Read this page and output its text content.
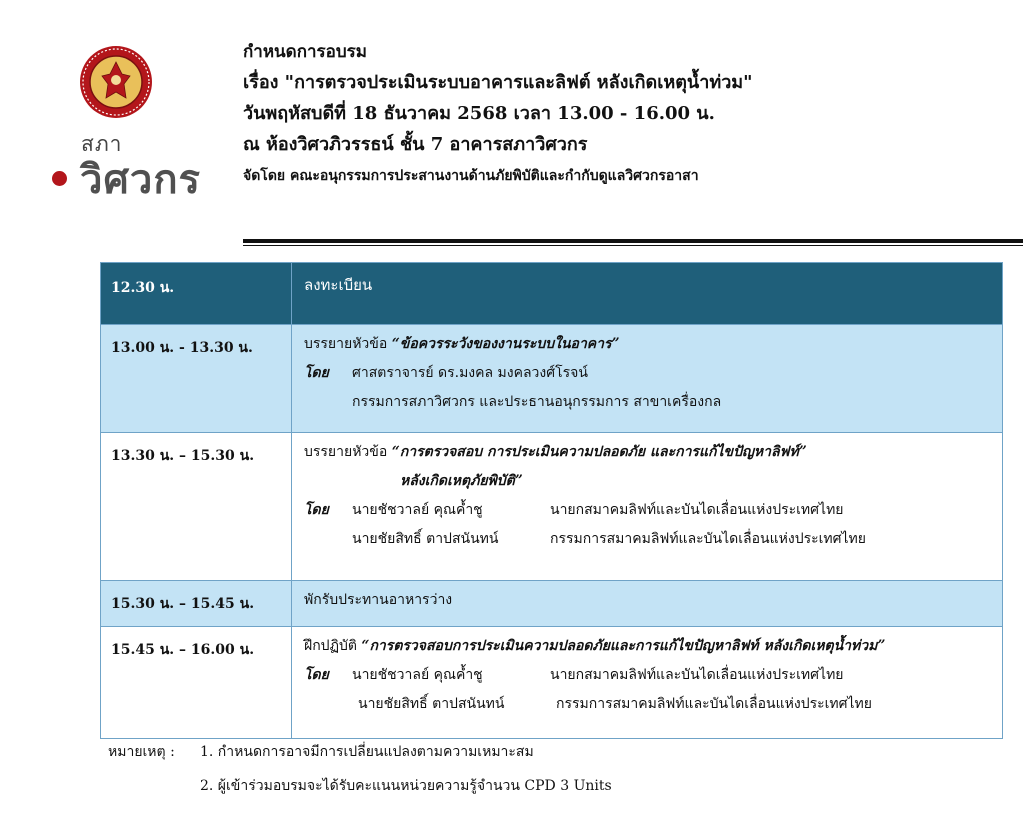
สภา
วิศวกร
กำหนดการอบรม
เรื่อง "การตรวจประเมินระบบอาคารและลิฟต์ หลังเกิดเหตุน้ำท่วม"
วันพฤหัสบดีที่ 18 ธันวาคม 2568 เวลา 13.00 - 16.00 น.
ณ ห้องวิศวภิวรรธน์ ชั้น 7 อาคารสภาวิศวกร
จัดโดย คณะอนุกรรมการประสานงานด้านภัยพิบัติและกำกับดูแลวิศวกรอาสา
12.30 น.	ลงทะเบียน

13.00 น. - 13.30 น.	บรรยายหัวข้อ “ข้อควรระวังของงานระบบในอาคาร”
โดย ศาสตราจารย์ ดร.มงคล มงคลวงศ์โรจน์
กรรมการสภาวิศวกร และประธานอนุกรรมการ สาขาเครื่องกล

13.30 น. – 15.30 น.	บรรยายหัวข้อ “การตรวจสอบ การประเมินความปลอดภัย และการแก้ไขปัญหาลิฟท์”
หลังเกิดเหตุภัยพิบัติ”
โดย นายชัชวาลย์ คุณค้ำชู นายกสมาคมลิฟท์และบันไดเลื่อนแห่งประเทศไทย
นายชัยสิทธิ์ ตาปสนันทน์ กรรมการสมาคมลิฟท์และบันไดเลื่อนแห่งประเทศไทย

15.30 น. – 15.45 น.	พักรับประทานอาหารว่าง

15.45 น. – 16.00 น.	ฝึกปฏิบัติ “การตรวจสอบการประเมินความปลอดภัยและการแก้ไขปัญหาลิฟท์ หลังเกิดเหตุน้ำท่วม”
โดย นายชัชวาลย์ คุณค้ำชู นายกสมาคมลิฟท์และบันไดเลื่อนแห่งประเทศไทย
นายชัยสิทธิ์ ตาปสนันทน์ กรรมการสมาคมลิฟท์และบันไดเลื่อนแห่งประเทศไทย
หมายเหตุ : 1. กำหนดการอาจมีการเปลี่ยนแปลงตามความเหมาะสม
2. ผู้เข้าร่วมอบรมจะได้รับคะแนนหน่วยความรู้จำนวน CPD 3 Units
